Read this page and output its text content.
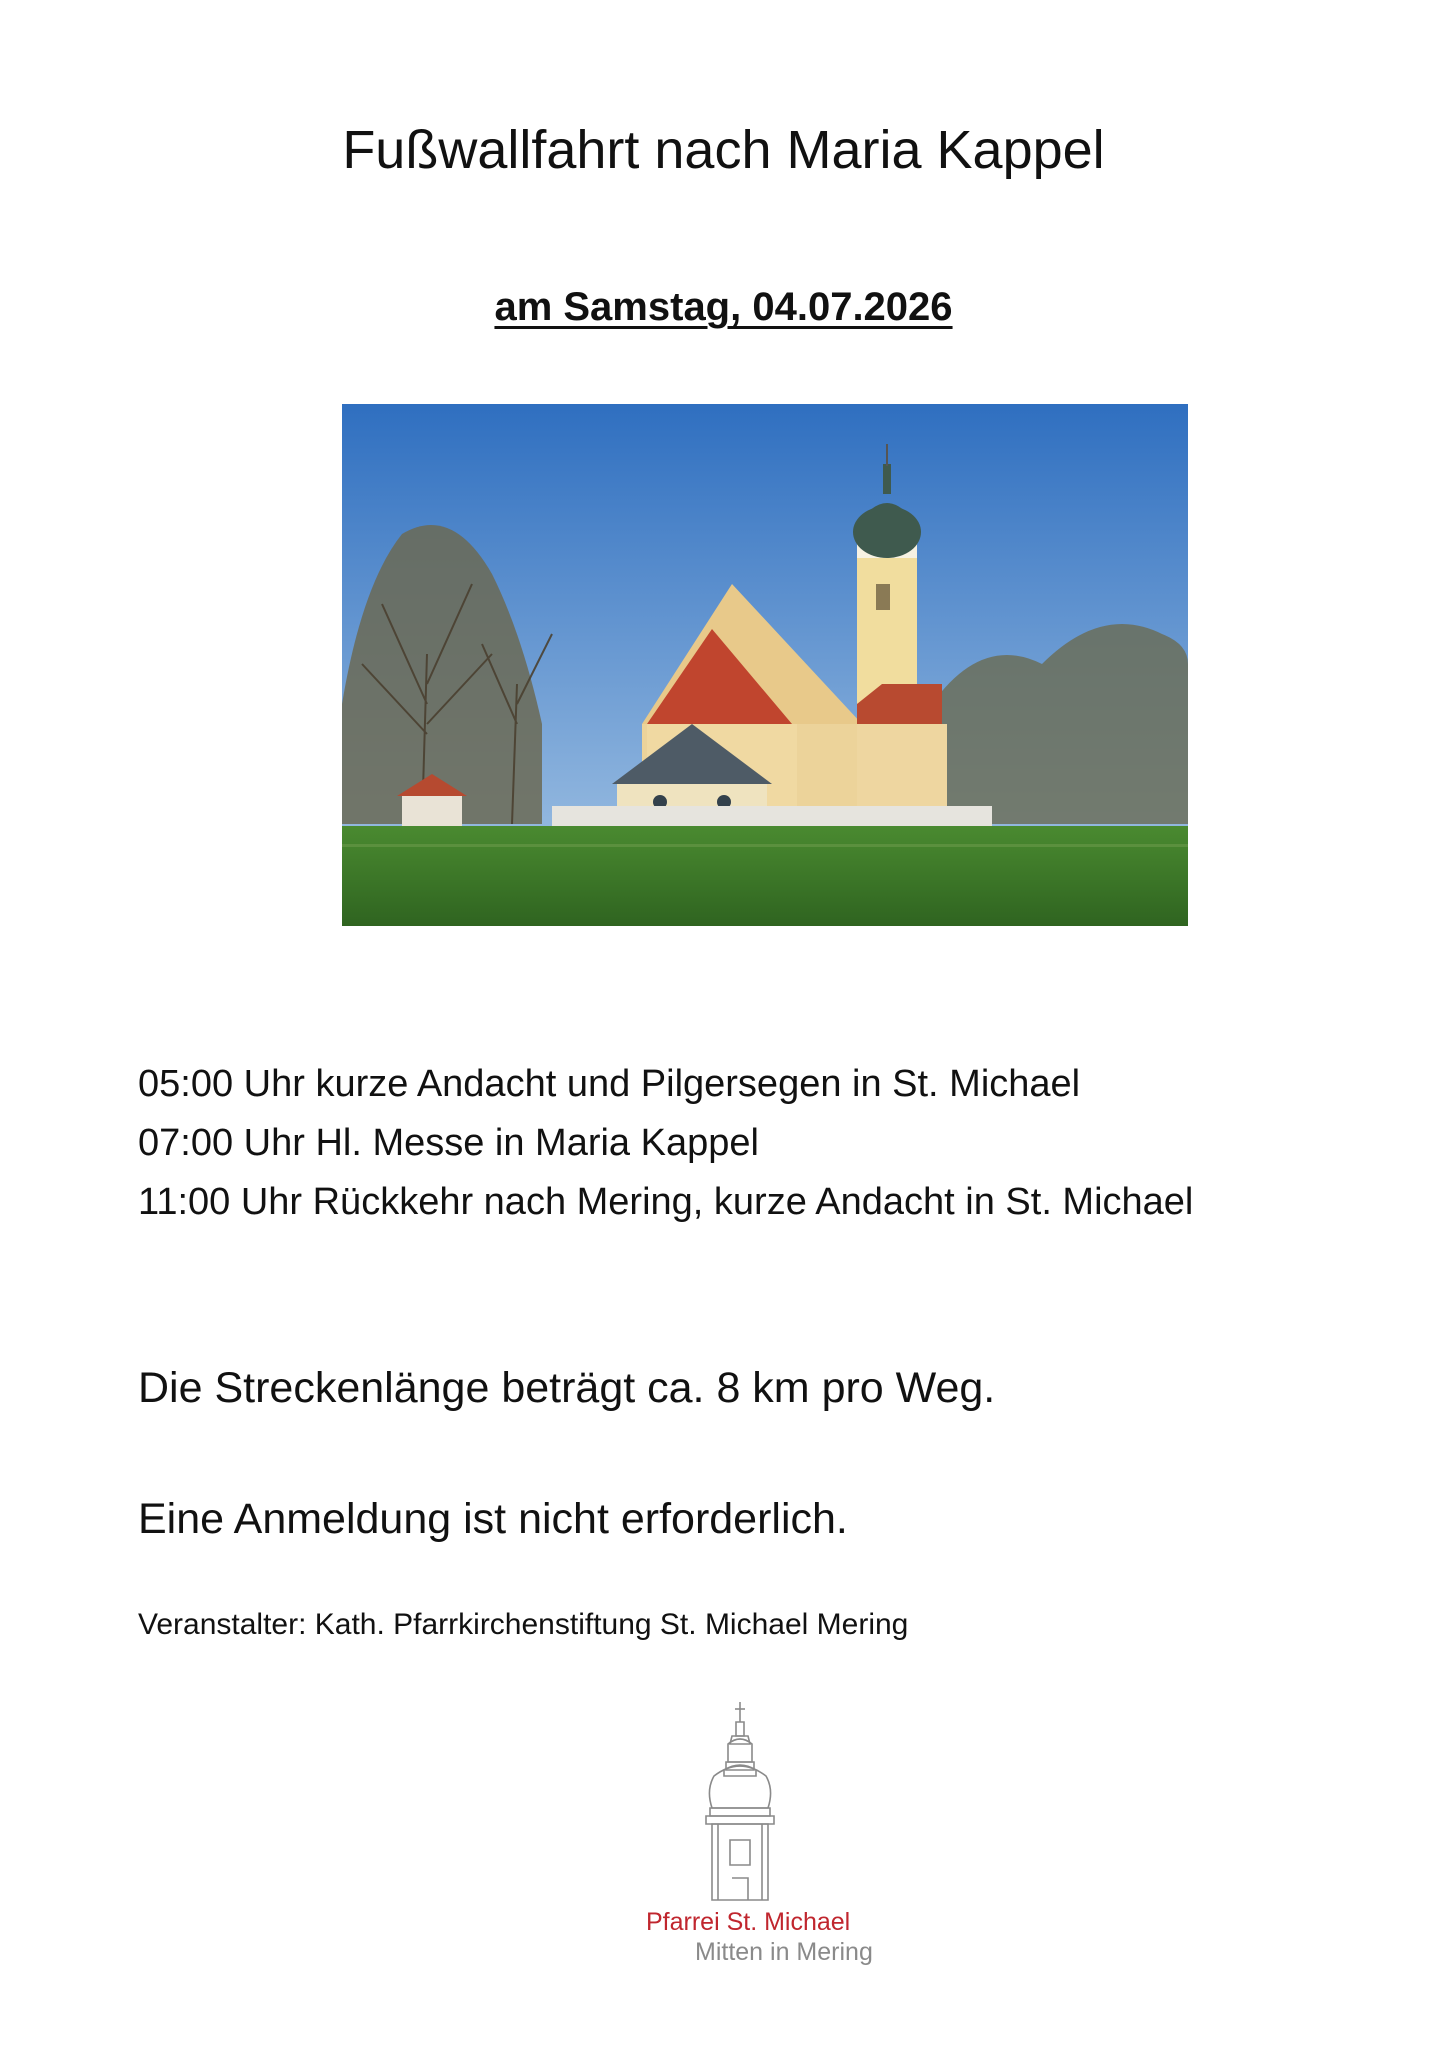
Fußwallfahrt nach Maria Kappel

am Samstag, 04.07.2026

05:00 Uhr kurze Andacht und Pilgersegen in St. Michael
07:00 Uhr Hl. Messe in Maria Kappel
11:00 Uhr Rückkehr nach Mering, kurze Andacht in St. Michael

Die Streckenlänge beträgt ca. 8 km pro Weg.

Eine Anmeldung ist nicht erforderlich.

Veranstalter: Kath. Pfarrkirchenstiftung St. Michael Mering

Pfarrei St. Michael
Mitten in Mering
